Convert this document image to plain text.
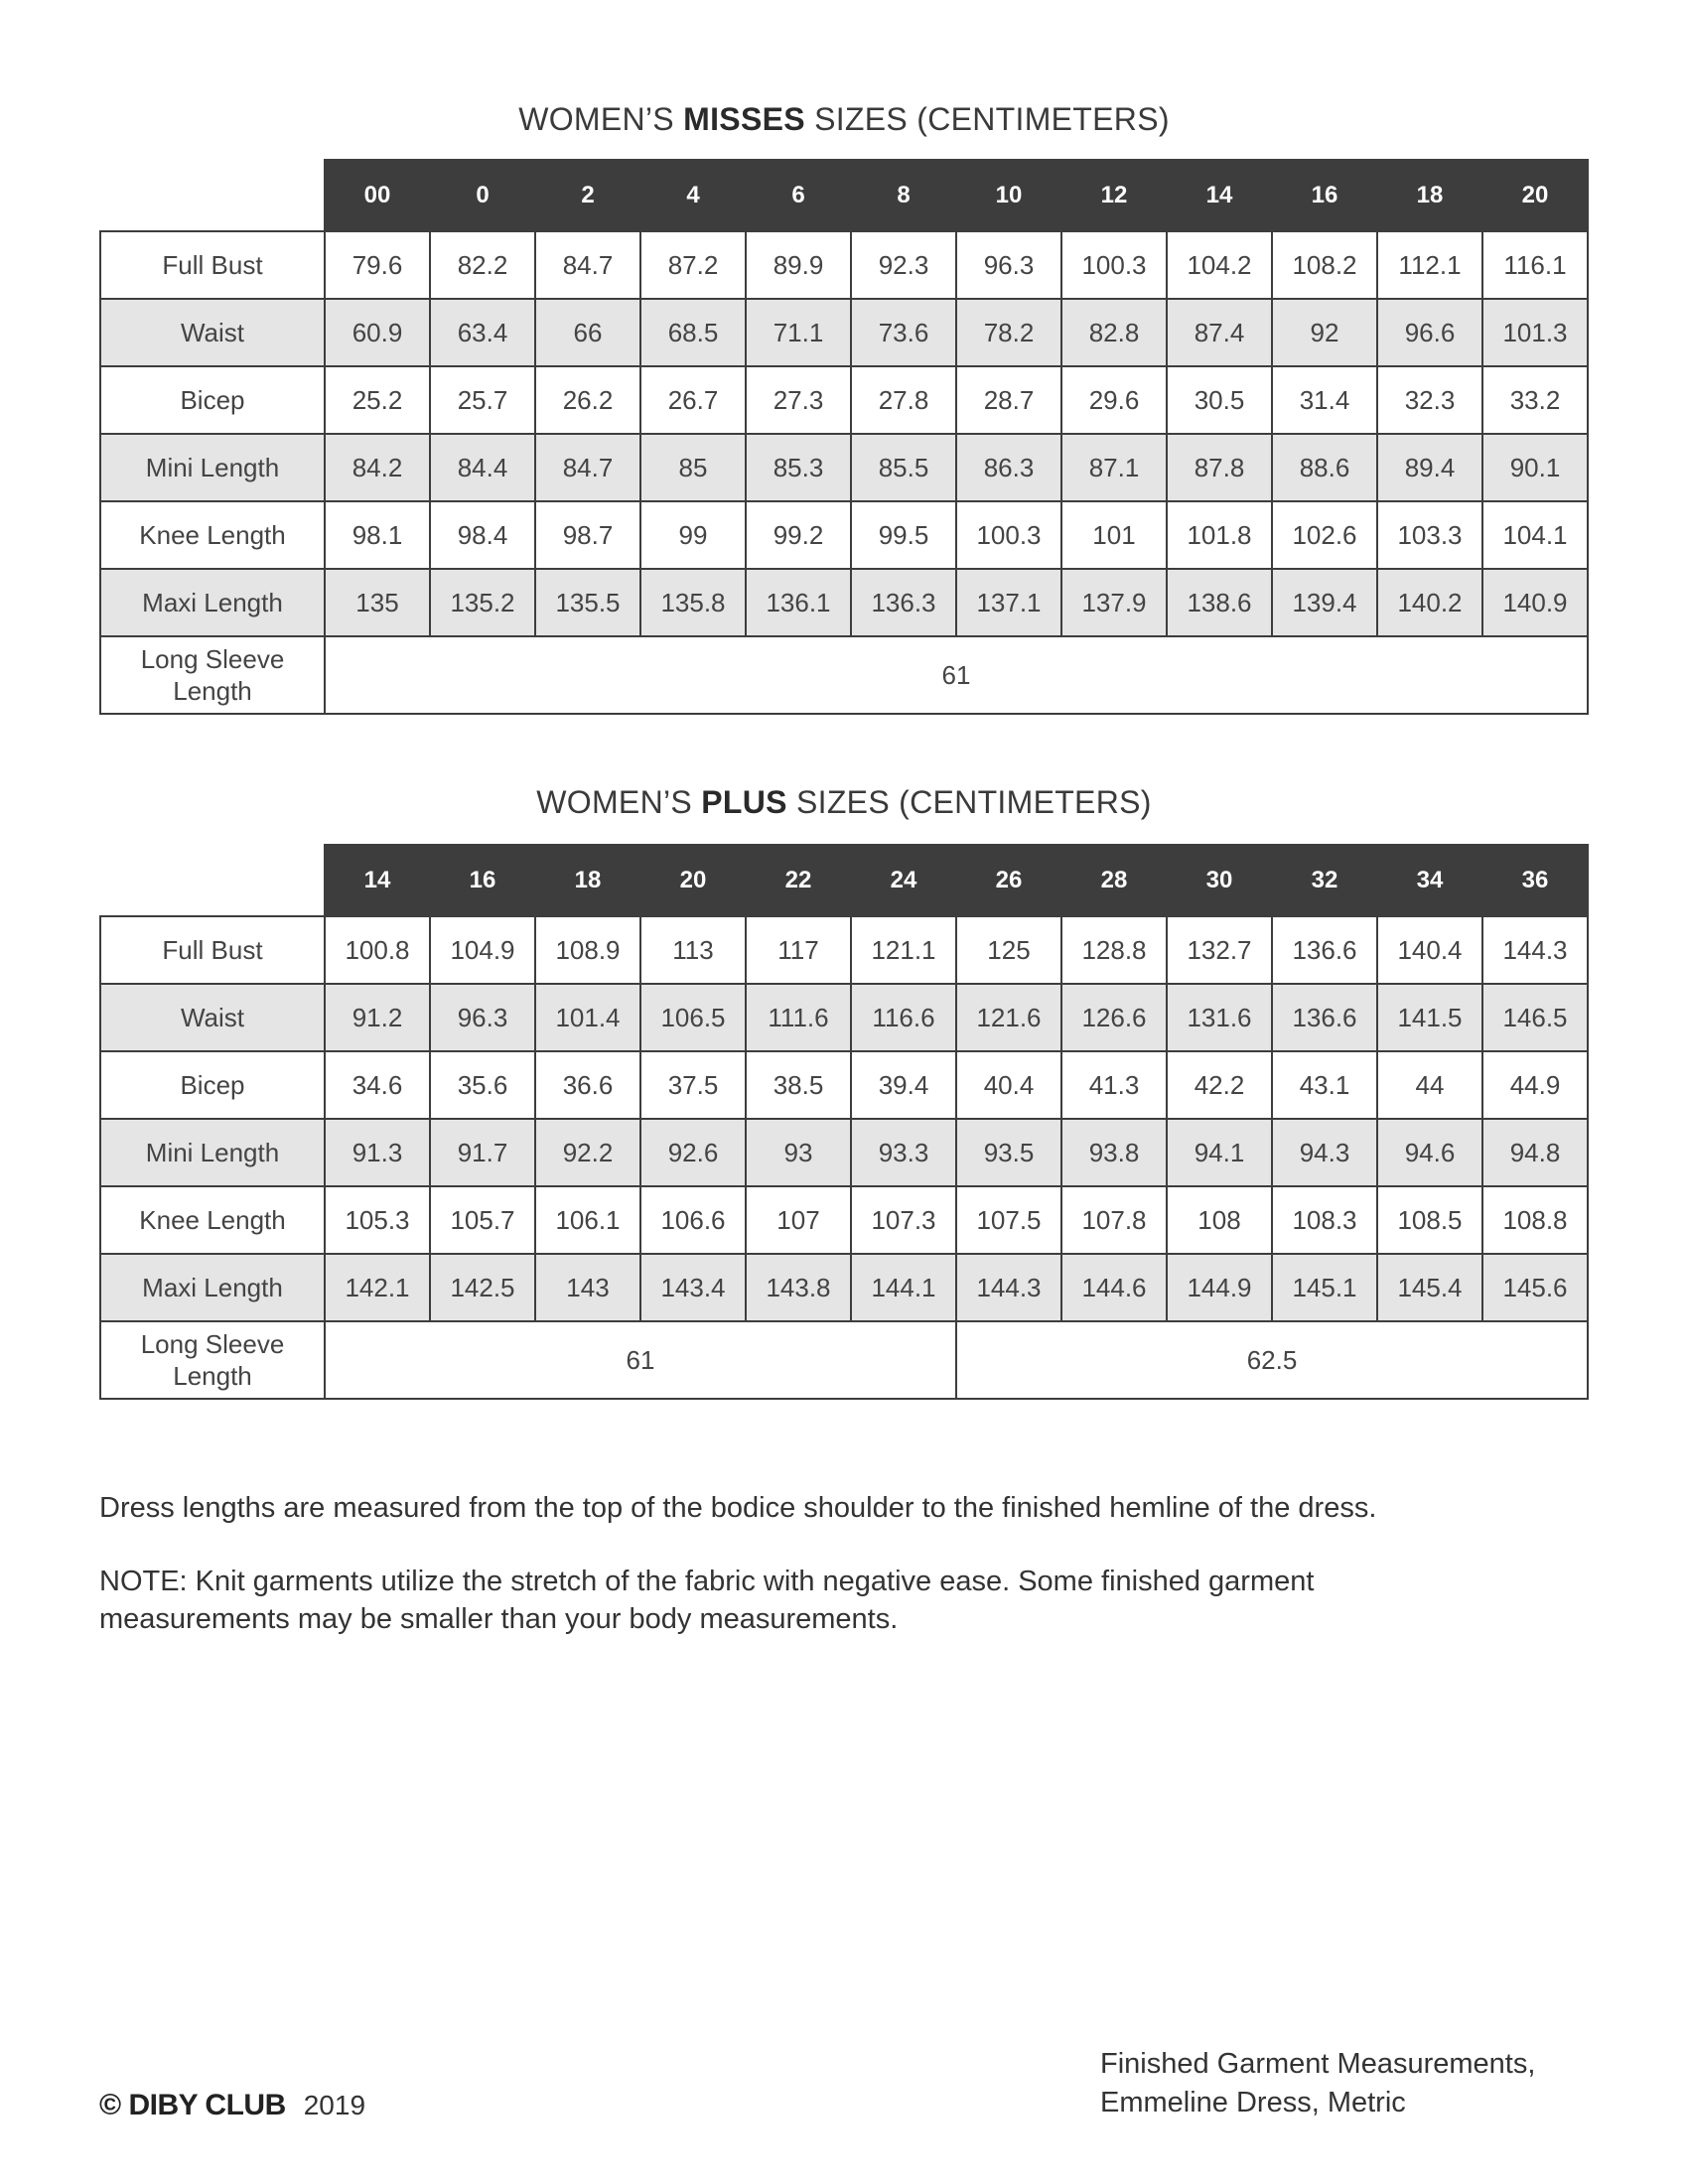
WOMEN’S MISSES SIZES (CENTIMETERS)
	00	0	2	4	6	8	10	12	14	16	18	20
Full Bust	79.6	82.2	84.7	87.2	89.9	92.3	96.3	100.3	104.2	108.2	112.1	116.1
Waist	60.9	63.4	66	68.5	71.1	73.6	78.2	82.8	87.4	92	96.6	101.3
Bicep	25.2	25.7	26.2	26.7	27.3	27.8	28.7	29.6	30.5	31.4	32.3	33.2
Mini Length	84.2	84.4	84.7	85	85.3	85.5	86.3	87.1	87.8	88.6	89.4	90.1
Knee Length	98.1	98.4	98.7	99	99.2	99.5	100.3	101	101.8	102.6	103.3	104.1
Maxi Length	135	135.2	135.5	135.8	136.1	136.3	137.1	137.9	138.6	139.4	140.2	140.9
Long Sleeve
Length	61											
WOMEN’S PLUS SIZES (CENTIMETERS)
	14	16	18	20	22	24	26	28	30	32	34	36
Full Bust	100.8	104.9	108.9	113	117	121.1	125	128.8	132.7	136.6	140.4	144.3
Waist	91.2	96.3	101.4	106.5	111.6	116.6	121.6	126.6	131.6	136.6	141.5	146.5
Bicep	34.6	35.6	36.6	37.5	38.5	39.4	40.4	41.3	42.2	43.1	44	44.9
Mini Length	91.3	91.7	92.2	92.6	93	93.3	93.5	93.8	94.1	94.3	94.6	94.8
Knee Length	105.3	105.7	106.1	106.6	107	107.3	107.5	107.8	108	108.3	108.5	108.8
Maxi Length	142.1	142.5	143	143.4	143.8	144.1	144.3	144.6	144.9	145.1	145.4	145.6
Long Sleeve
Length	61						62.5					
Dress lengths are measured from the top of the bodice shoulder to the finished hemline of the dress.
NOTE: Knit garments utilize the stretch of the fabric with negative ease. Some finished garment
measurements may be smaller than your body measurements.
© DIBY CLUB 2019
Finished Garment Measurements,
Emmeline Dress, Metric
